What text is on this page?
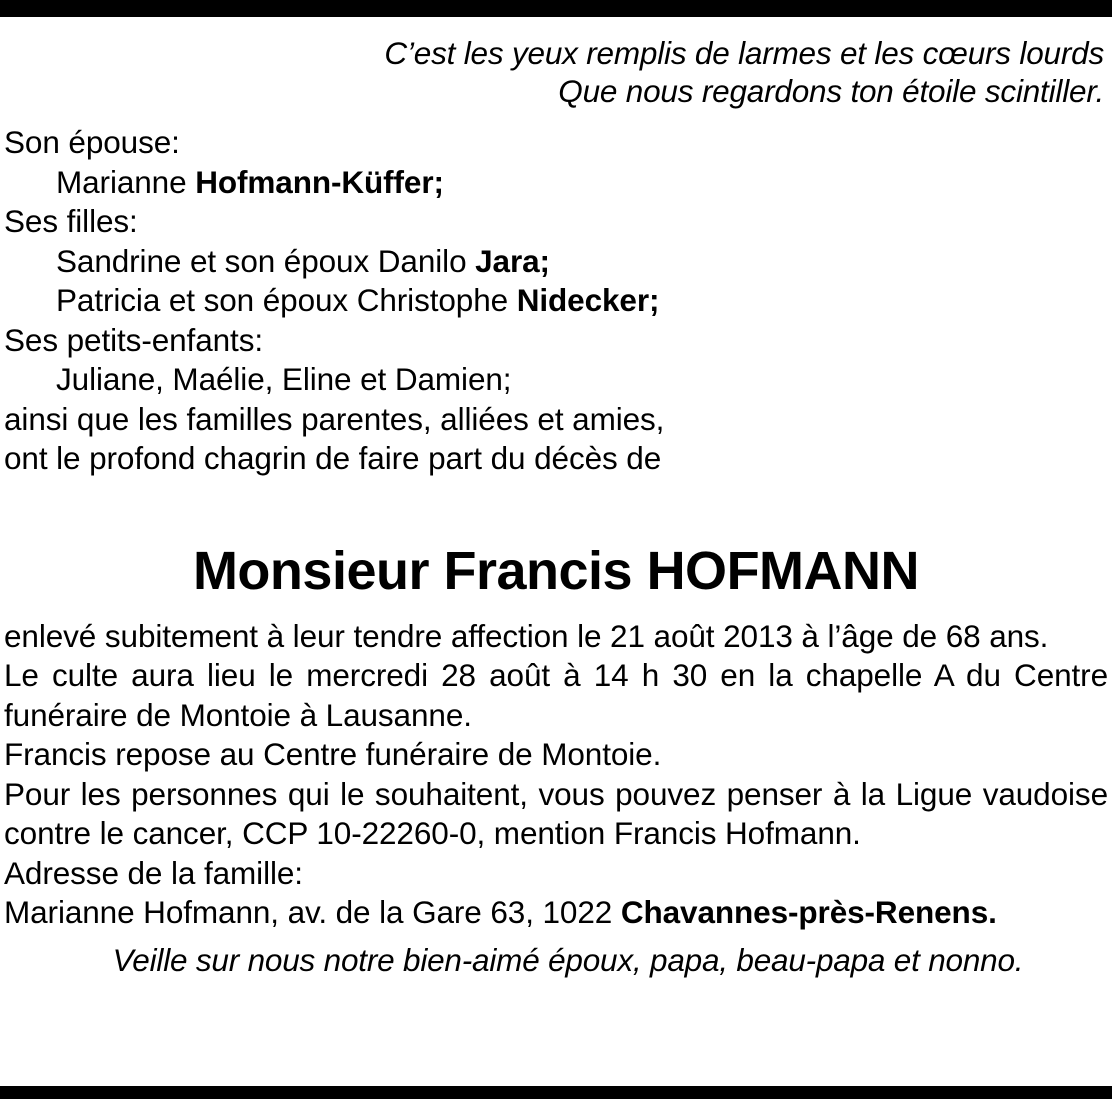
C’est les yeux remplis de larmes et les cœurs lourds
Que nous regardons ton étoile scintiller.
Son épouse:
Marianne Hofmann-Küffer;
Ses filles:
Sandrine et son époux Danilo Jara;
Patricia et son époux Christophe Nidecker;
Ses petits-enfants:
Juliane, Maélie, Eline et Damien;
ainsi que les familles parentes, alliées et amies,
ont le profond chagrin de faire part du décès de
Monsieur Francis HOFMANN

enlevé subitement à leur tendre affection le 21 août 2013 à l’âge de 68 ans.

Le culte aura lieu le mercredi 28 août à 14 h 30 en la chapelle A du Centre funéraire de Montoie à Lausanne.

Francis repose au Centre funéraire de Montoie.

Pour les personnes qui le souhaitent, vous pouvez penser à la Ligue vaudoise contre le cancer, CCP 10-22260-0, mention Francis Hofmann.

Adresse de la famille:

Marianne Hofmann, av. de la Gare 63, 1022 Chavannes-près-Renens.

Veille sur nous notre bien-aimé époux, papa, beau-papa et nonno.
